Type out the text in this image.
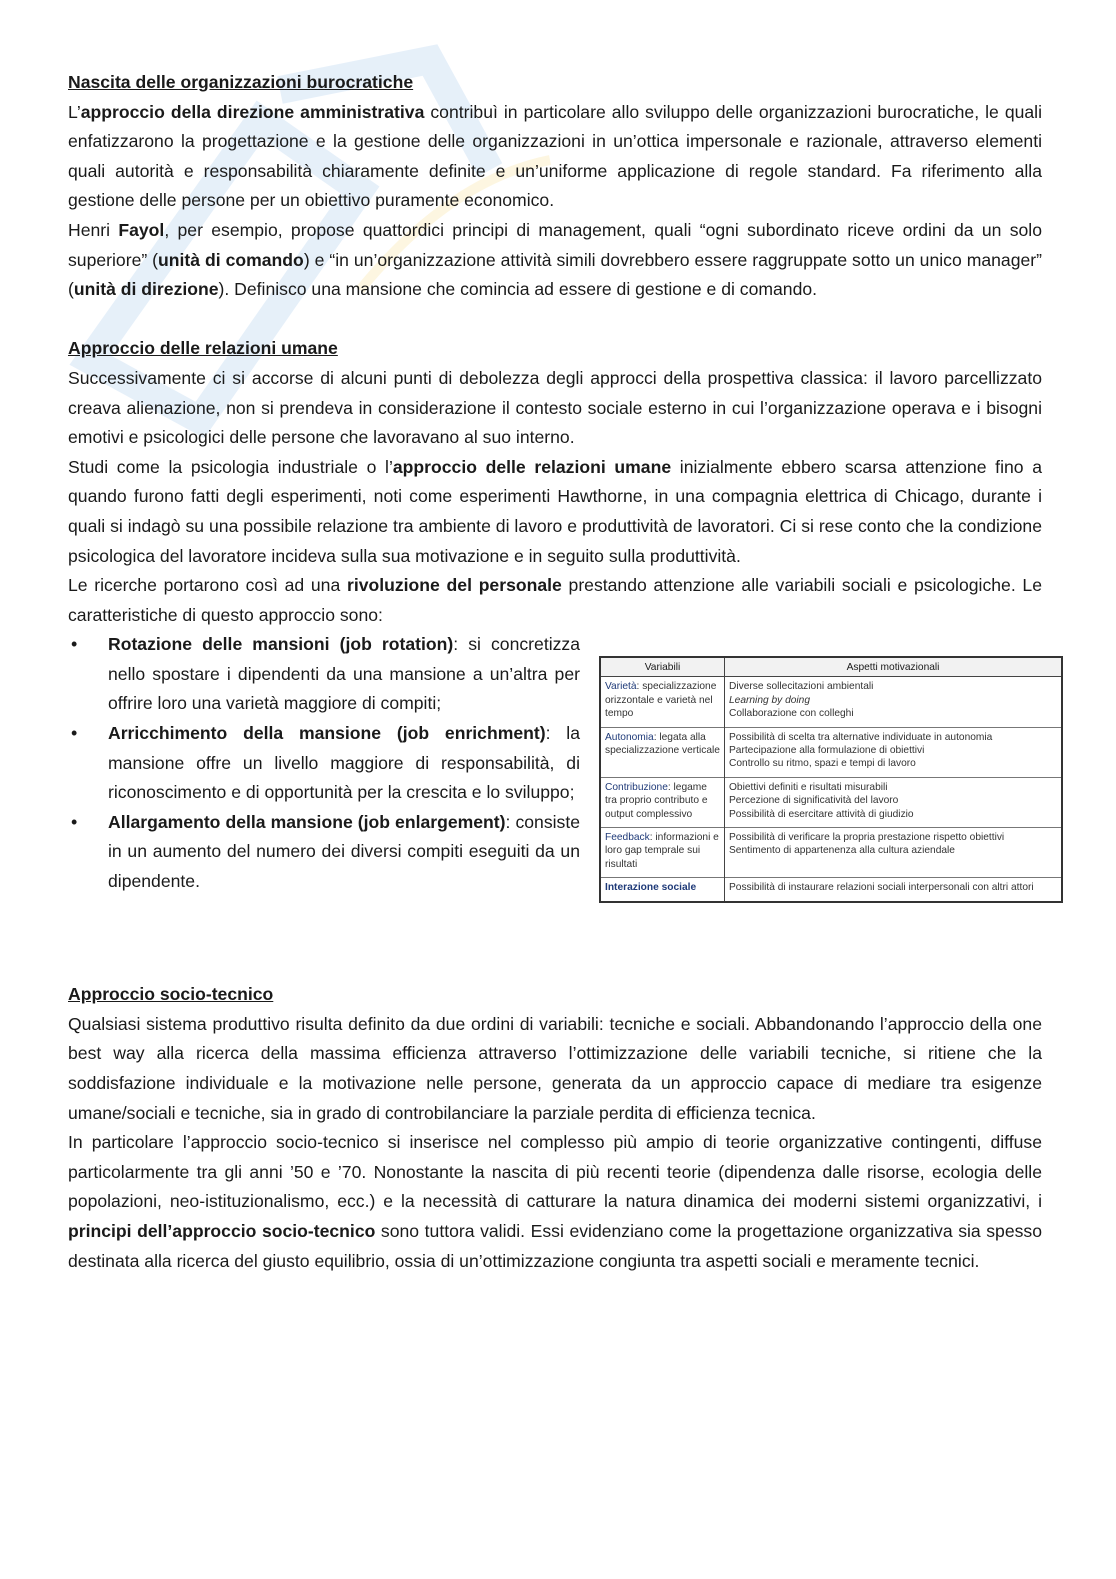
Nascita delle organizzazioni burocratiche

L’approccio della direzione amministrativa contribuì in particolare allo sviluppo delle organizzazioni burocratiche, le quali enfatizzarono la progettazione e la gestione delle organizzazioni in un’ottica impersonale e razionale, attraverso elementi quali autorità e responsabilità chiaramente definite e un’uniforme applicazione di regole standard. Fa riferimento alla gestione delle persone per un obiettivo puramente economico.

Henri Fayol, per esempio, propose quattordici principi di management, quali “ogni subordinato riceve ordini da un solo superiore” (unità di comando) e “in un’organizzazione attività simili dovrebbero essere raggruppate sotto un unico manager” (unità di direzione). Definisco una mansione che comincia ad essere di gestione e di comando.

Approccio delle relazioni umane

Successivamente ci si accorse di alcuni punti di debolezza degli approcci della prospettiva classica: il lavoro parcellizzato creava alienazione, non si prendeva in considerazione il contesto sociale esterno in cui l’organizzazione operava e i bisogni emotivi e psicologici delle persone che lavoravano al suo interno.

Studi come la psicologia industriale o l’approccio delle relazioni umane inizialmente ebbero scarsa attenzione fino a quando furono fatti degli esperimenti, noti come esperimenti Hawthorne, in una compagnia elettrica di Chicago, durante i quali si indagò su una possibile relazione tra ambiente di lavoro e produttività de lavoratori. Ci si rese conto che la condizione psicologica del lavoratore incideva sulla sua motivazione e in seguito sulla produttività.

Le ricerche portarono così ad una rivoluzione del personale prestando attenzione alle variabili sociali e psicologiche. Le caratteristiche di questo approccio sono:

• Rotazione delle mansioni (job rotation): si concretizza nello spostare i dipendenti da una mansione a un’altra per offrire loro una varietà maggiore di compiti;
• Arricchimento della mansione (job enrichment): la mansione offre un livello maggiore di responsabilità, di riconoscimento e di opportunità per la crescita e lo sviluppo;
• Allargamento della mansione (job enlargement): consiste in un aumento del numero dei diversi compiti eseguiti da un dipendente.
Variabili	Aspetti motivazionali
Varietà: specializzazione orizzontale e varietà nel tempo	Diverse sollecitazioni ambientali
Learning by doing
Collaborazione con colleghi

Autonomia: legata alla specializzazione verticale	Possibilità di scelta tra alternative individuate in autonomia
Partecipazione alla formulazione di obiettivi
Controllo su ritmo, spazi e tempi di lavoro

Contribuzione: legame tra proprio contributo e output complessivo	Obiettivi definiti e risultati misurabili
Percezione di significatività del lavoro
Possibilità di esercitare attività di giudizio

Feedback: informazioni e loro gap temprale sui risultati	Possibilità di verificare la propria prestazione rispetto obiettivi
Sentimento di appartenenza alla cultura aziendale

Interazione sociale	Possibilità di instaurare relazioni sociali interpersonali con altri attori
Approccio socio-tecnico

Qualsiasi sistema produttivo risulta definito da due ordini di variabili: tecniche e sociali. Abbandonando l’approccio della one best way alla ricerca della massima efficienza attraverso l’ottimizzazione delle variabili tecniche, si ritiene che la soddisfazione individuale e la motivazione nelle persone, generata da un approccio capace di mediare tra esigenze umane/sociali e tecniche, sia in grado di controbilanciare la parziale perdita di efficienza tecnica.

In particolare l’approccio socio-tecnico si inserisce nel complesso più ampio di teorie organizzative contingenti, diffuse particolarmente tra gli anni ’50 e ’70. Nonostante la nascita di più recenti teorie (dipendenza dalle risorse, ecologia delle popolazioni, neo-istituzionalismo, ecc.) e la necessità di catturare la natura dinamica dei moderni sistemi organizzativi, i principi dell’approccio socio-tecnico sono tuttora validi. Essi evidenziano come la progettazione organizzativa sia spesso destinata alla ricerca del giusto equilibrio, ossia di un’ottimizzazione congiunta tra aspetti sociali e meramente tecnici.
